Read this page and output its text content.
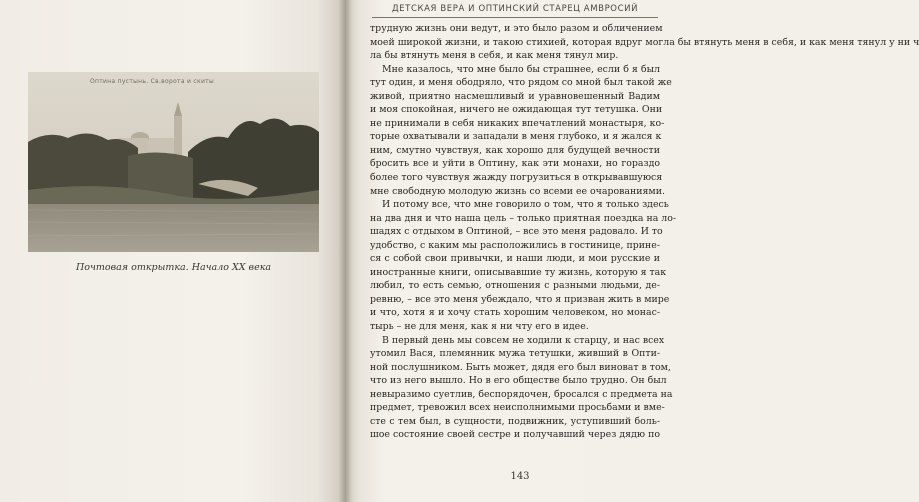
Оптина пустынь. Св.ворота и скиты
Почтовая открытка. Начало XX века
ДЕТСКАЯ ВЕРА И ОПТИНСКИЙ СТАРЕЦ АМВРОСИЙ
трудную жизнь они ведут, и это было разом и обличением
моей широкой жизни, и такою стихией, которая вдруг могла бы втянуть меня в себя, и как меня тянул у ни ч
ла бы втянуть меня в себя, и как меня тянул мир.
Мне казалось, что мне было бы страшнее, если б я был
тут один, и меня ободряло, что рядом со мной был такой же
живой, приятно насмешливый и уравновешенный Вадим
и моя спокойная, ничего не ожидающая тут тетушка. Они
не принимали в себя никаких впечатлений монастыря, ко-
торые охватывали и западали в меня глубоко, и я жался к
ним, смутно чувствуя, как хорошо для будущей вечности
бросить все и уйти в Оптину, как эти монахи, но гораздо
более того чувствуя жажду погрузиться в открывавшуюся
мне свободную молодую жизнь со всеми ее очарованиями.
И потому все, что мне говорило о том, что я только здесь
на два дня и что наша цель – только приятная поездка на ло-
шадях с отдыхом в Оптиной, – все это меня радовало. И то
удобство, с каким мы расположились в гостинице, прине-
ся с собой свои привычки, и наши люди, и мои русские и
иностранные книги, описывавшие ту жизнь, которую я так
любил, то есть семью, отношения с разными людьми, де-
ревню, – все это меня убеждало, что я призван жить в мире
и что, хотя я и хочу стать хорошим человеком, но монас-
тырь – не для меня, как я ни чту его в идее.
В первый день мы совсем не ходили к старцу, и нас всех
утомил Вася, племянник мужа тетушки, живший в Опти-
ной послушником. Быть может, дядя его был виноват в том,
что из него вышло. Но в его обществе было трудно. Он был
невыразимо суетлив, беспорядочен, бросался с предмета на
предмет, тревожил всех неисполнимыми просьбами и вме-
сте с тем был, в сущности, подвижник, уступивший боль-
шое состояние своей сестре и получавший через дядю по
143
